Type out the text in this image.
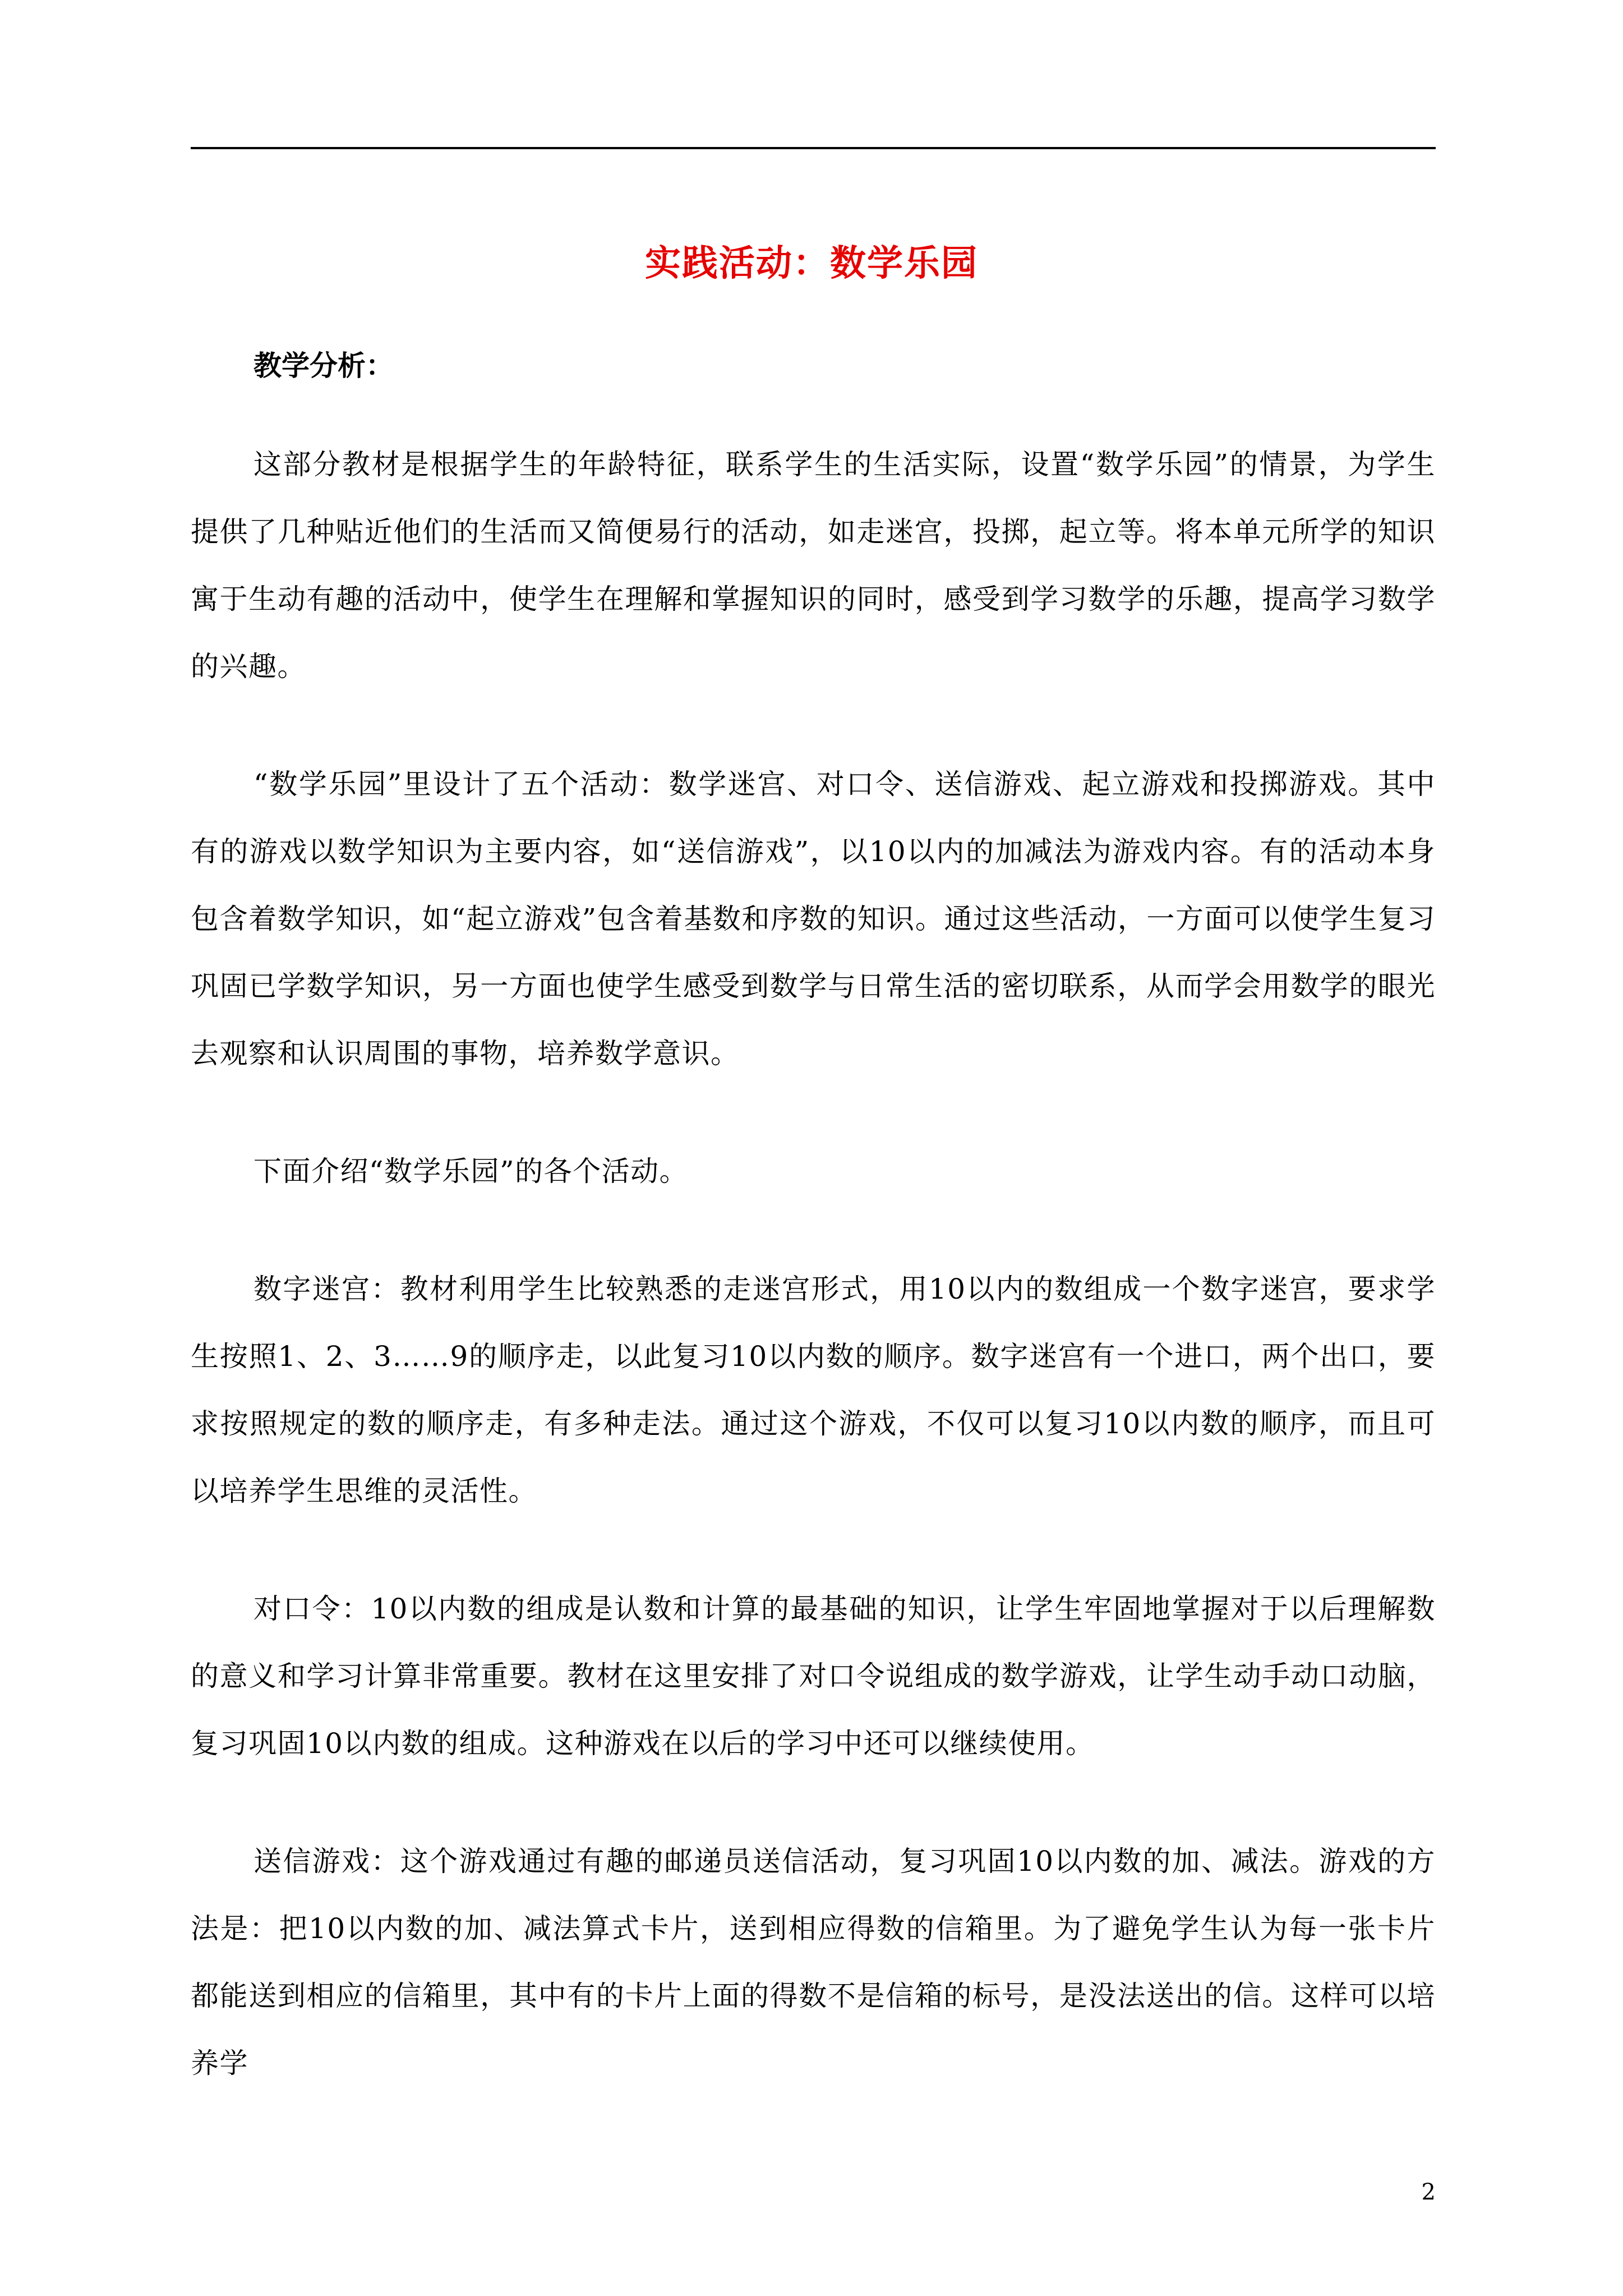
实践活动：数学乐园
教学分析：

这部分教材是根据学生的年龄特征，联系学生的生活实际，设置“数学乐园”的情景，为学生提供了几种贴近他们的生活而又简便易行的活动，如走迷宫，投掷，起立等。将本单元所学的知识寓于生动有趣的活动中，使学生在理解和掌握知识的同时，感受到学习数学的乐趣，提高学习数学的兴趣。

“数学乐园”里设计了五个活动：数学迷宫、对口令、送信游戏、起立游戏和投掷游戏。其中有的游戏以数学知识为主要内容，如“送信游戏”，以10以内的加减法为游戏内容。有的活动本身包含着数学知识，如“起立游戏”包含着基数和序数的知识。通过这些活动，一方面可以使学生复习巩固已学数学知识，另一方面也使学生感受到数学与日常生活的密切联系，从而学会用数学的眼光去观察和认识周围的事物，培养数学意识。

下面介绍“数学乐园”的各个活动。

数字迷宫：教材利用学生比较熟悉的走迷宫形式，用10以内的数组成一个数字迷宫，要求学生按照1、2、3……9的顺序走，以此复习10以内数的顺序。数字迷宫有一个进口，两个出口，要求按照规定的数的顺序走，有多种走法。通过这个游戏，不仅可以复习10以内数的顺序，而且可以培养学生思维的灵活性。

对口令：10以内数的组成是认数和计算的最基础的知识，让学生牢固地掌握对于以后理解数的意义和学习计算非常重要。教材在这里安排了对口令说组成的数学游戏，让学生动手动口动脑，复习巩固10以内数的组成。这种游戏在以后的学习中还可以继续使用。

送信游戏：这个游戏通过有趣的邮递员送信活动，复习巩固10以内数的加、减法。游戏的方法是：把10以内数的加、减法算式卡片，送到相应得数的信箱里。为了避免学生认为每一张卡片都能送到相应的信箱里，其中有的卡片上面的得数不是信箱的标号，是没法送出的信。这样可以培养学

2
